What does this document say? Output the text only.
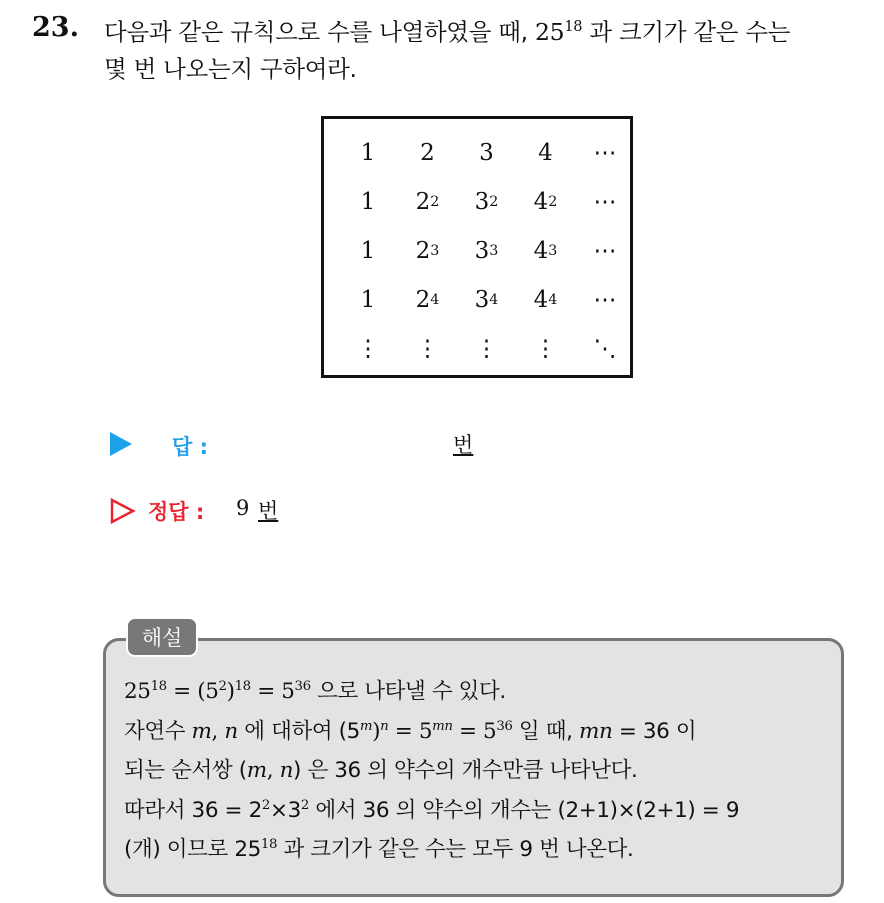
23. 다음과 같은 규칙으로 수를 나열하였을 때, $25^{18}$ 과 크기가 같은 수는
몇 번 나오는지 구하여라.
1 2 3 4 ⋯
1 2 2 3 2 4 2 ⋯
1 2 3 3 3 4 3 ⋯
1 2 4 3 4 4 4 ⋯
⋮ ⋮ ⋮ ⋮ ⋱
답 :	번
정답 : 9 번
해설
$25^{18} = (5^2)^{18} = 5^{36}$ 으로 나타낼 수 있다.
자연수 m, n 에 대하여 $(5^m)^n = 5^{mn} = 5^{36}$ 일 때, mn = 36 이
되는 순서쌍 (m, n) 은 36 의 약수의 개수만큼 나타난다.
따라서 $36 = 2^2\times 3^2$ 에서 36 의 약수의 개수는 (2+1)×(2+1) = 9
(개) 이므로 $25^{18}$ 과 크기가 같은 수는 모두 9 번 나온다.
